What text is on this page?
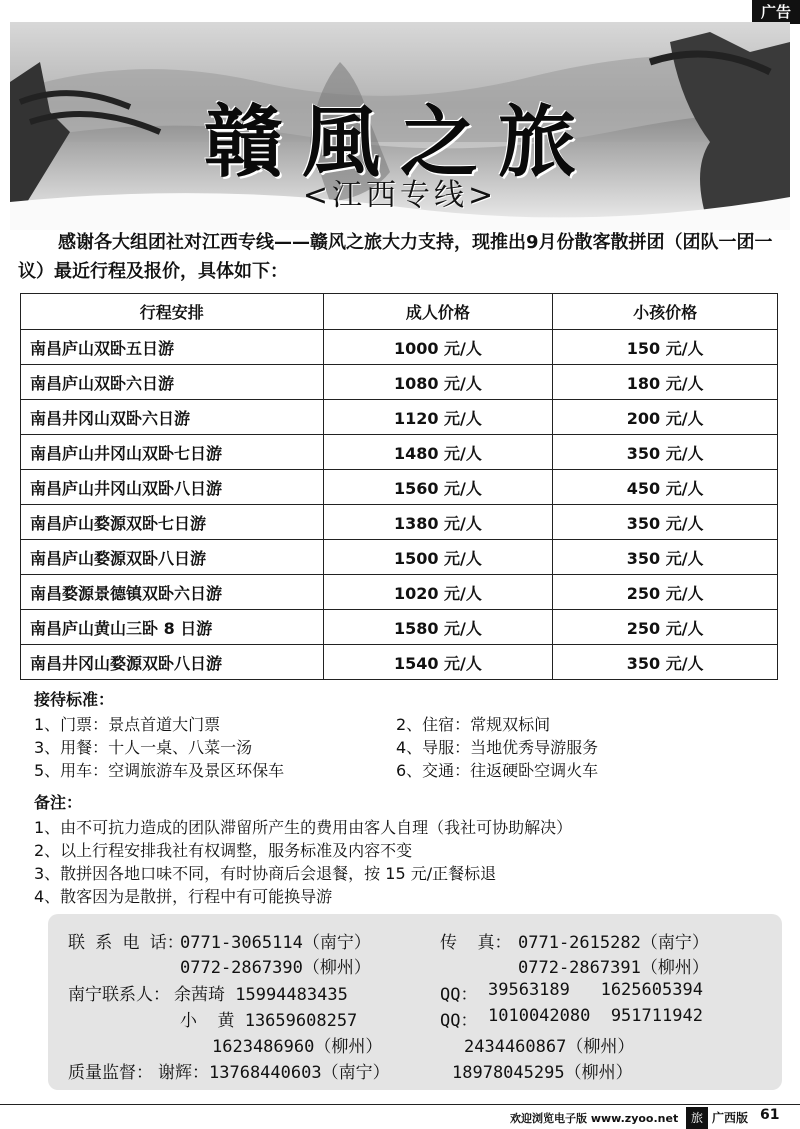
广告
贛風之旅
<江西专线>

感谢各大组团社对江西专线——赣风之旅大力支持，现推出9月份散客散拼团（团队一团一议）最近行程及报价，具体如下：

行程安排	成人价格	小孩价格
南昌庐山双卧五日游	1000 元/人	150 元/人
南昌庐山双卧六日游	1080 元/人	180 元/人
南昌井冈山双卧六日游	1120 元/人	200 元/人
南昌庐山井冈山双卧七日游	1480 元/人	350 元/人
南昌庐山井冈山双卧八日游	1560 元/人	450 元/人
南昌庐山婺源双卧七日游	1380 元/人	350 元/人
南昌庐山婺源双卧八日游	1500 元/人	350 元/人
南昌婺源景德镇双卧六日游	1020 元/人	250 元/人
南昌庐山黄山三卧 8 日游	1580 元/人	250 元/人
南昌井冈山婺源双卧八日游	1540 元/人	350 元/人
接待标准：
1、门票：景点首道大门票	2、住宿：常规双标间
3、用餐：十人一桌、八菜一汤	4、导服：当地优秀导游服务
5、用车：空调旅游车及景区环保车	6、交通：往返硬卧空调火车
备注：
1、由不可抗力造成的团队滞留所产生的费用由客人自理（我社可协助解决）
2、以上行程安排我社有权调整，服务标准及内容不变
3、散拼因各地口味不同，有时协商后会退餐，按 15 元/正餐标退
4、散客因为是散拼，行程中有可能换导游
联 系 电 话：
0771-3065114（南宁）	传  真： 0771-2615282（南宁）
0772-2867390（柳州）	0772-2867391（柳州）
南宁联系人： 余茜琦 15994483435	QQ： 39563189   1625605394
小  黄 13659608257	QQ： 1010042080  951711942
1623486960（柳州）	2434460867（柳州）
质量监督： 谢辉：13768440603（南宁）	18978045295（柳州）
欢迎浏览电子版 www.zyoo.net	旅 广西版 61
